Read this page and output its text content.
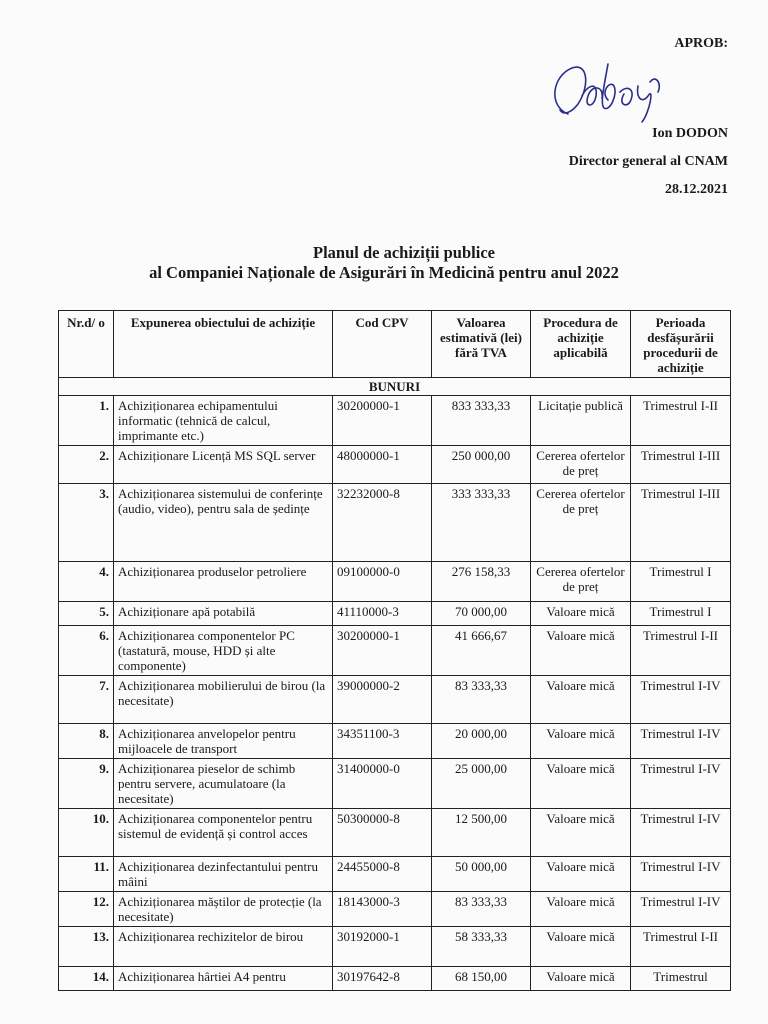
APROB:
Ion DODON
Director general al CNAM
28.12.2021
Planul de achiziții publice
al Companiei Naționale de Asigurări în Medicină pentru anul 2022
Nr.d/ o	Expunerea obiectului de achiziție	Cod CPV	Valoarea estimativă (lei) fără TVA	Procedura de achiziție aplicabilă	Perioada desfășurării procedurii de achiziție
BUNURI					
1.	Achiziționarea echipamentului informatic (tehnică de calcul, imprimante etc.)	30200000-1	833 333,33	Licitație publică	Trimestrul I-II
2.	Achiziționare Licență MS SQL server	48000000-1	250 000,00	Cererea ofertelor de preț	Trimestrul I-III
3.	Achiziționarea sistemului de conferințe (audio, video), pentru sala de ședințe	32232000-8	333 333,33	Cererea ofertelor de preț	Trimestrul I-III
4.	Achiziționarea produselor petroliere	09100000-0	276 158,33	Cererea ofertelor de preț	Trimestrul I
5.	Achiziționare apă potabilă	41110000-3	70 000,00	Valoare mică	Trimestrul I
6.	Achiziționarea componentelor PC (tastatură, mouse, HDD și alte componente)	30200000-1	41 666,67	Valoare mică	Trimestrul I-II
7.	Achiziționarea mobilierului de birou (la necesitate)	39000000-2	83 333,33	Valoare mică	Trimestrul I-IV
8.	Achiziționarea anvelopelor pentru mijloacele de transport	34351100-3	20 000,00	Valoare mică	Trimestrul I-IV
9.	Achiziționarea pieselor de schimb pentru servere, acumulatoare (la necesitate)	31400000-0	25 000,00	Valoare mică	Trimestrul I-IV
10.	Achiziționarea componentelor pentru sistemul de evidență și control acces	50300000-8	12 500,00	Valoare mică	Trimestrul I-IV
11.	Achiziționarea dezinfectantului pentru mâini	24455000-8	50 000,00	Valoare mică	Trimestrul I-IV
12.	Achiziționarea măștilor de protecție (la necesitate)	18143000-3	83 333,33	Valoare mică	Trimestrul I-IV
13.	Achiziționarea rechizitelor de birou	30192000-1	58 333,33	Valoare mică	Trimestrul I-II
14.	Achiziționarea hârtiei A4 pentru	30197642-8	68 150,00	Valoare mică	Trimestrul
